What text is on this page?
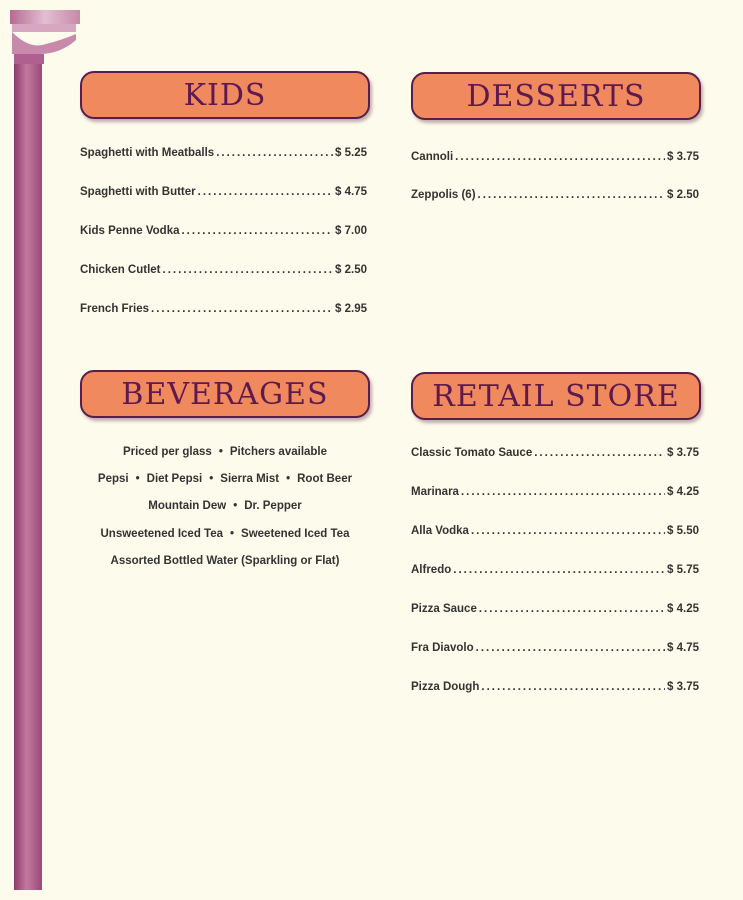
KIDS
Spaghetti with Meatballs .....	$ 5.25
Spaghetti with Butter .....	$ 4.75
Kids Penne Vodka .....	$ 7.00
Chicken Cutlet .....	$ 2.50
French Fries .....	$ 2.95
DESSERTS
Cannoli .....	$ 3.75
Zeppolis (6) .....	$ 2.50
BEVERAGES
Priced per glass • Pitchers available
Pepsi • Diet Pepsi • Sierra Mist • Root Beer
Mountain Dew • Dr. Pepper
Unsweetened Iced Tea • Sweetened Iced Tea
Assorted Bottled Water (Sparkling or Flat)
RETAIL STORE
Classic Tomato Sauce .....	$ 3.75
Marinara .....	$ 4.25
Alla Vodka .....	$ 5.50
Alfredo .....	$ 5.75
Pizza Sauce .....	$ 4.25
Fra Diavolo .....	$ 4.75
Pizza Dough .....	$ 3.75
